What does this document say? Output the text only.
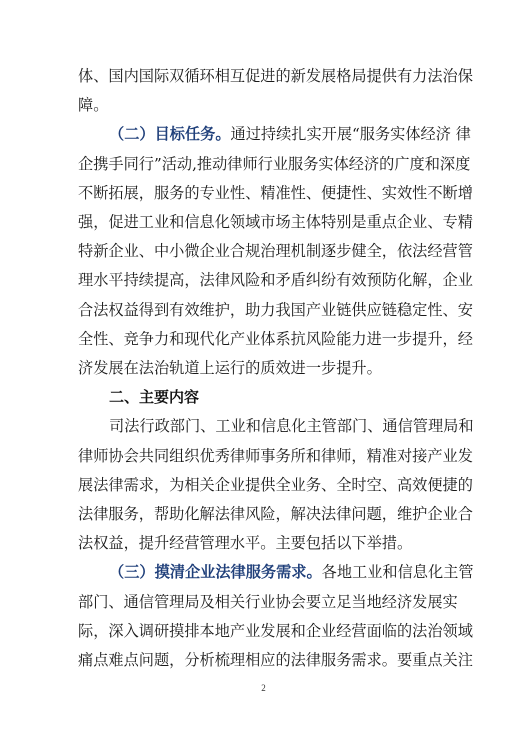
体、国内国际双循环相互促进的新发展格局提供有力法治保
障。
（二）目标任务。通过持续扎实开展“服务实体经济 律
企携手同行”活动,推动律师行业服务实体经济的广度和深度
不断拓展，服务的专业性、精准性、便捷性、实效性不断增
强，促进工业和信息化领域市场主体特别是重点企业、专精
特新企业、中小微企业合规治理机制逐步健全，依法经营管
理水平持续提高，法律风险和矛盾纠纷有效预防化解，企业
合法权益得到有效维护，助力我国产业链供应链稳定性、安
全性、竞争力和现代化产业体系抗风险能力进一步提升，经
济发展在法治轨道上运行的质效进一步提升。
二、主要内容
司法行政部门、工业和信息化主管部门、通信管理局和
律师协会共同组织优秀律师事务所和律师，精准对接产业发
展法律需求，为相关企业提供全业务、全时空、高效便捷的
法律服务，帮助化解法律风险，解决法律问题，维护企业合
法权益，提升经营管理水平。主要包括以下举措。
（三）摸清企业法律服务需求。各地工业和信息化主管
部门、通信管理局及相关行业协会要立足当地经济发展实
际，深入调研摸排本地产业发展和企业经营面临的法治领域
痛点难点问题，分析梳理相应的法律服务需求。要重点关注
2
